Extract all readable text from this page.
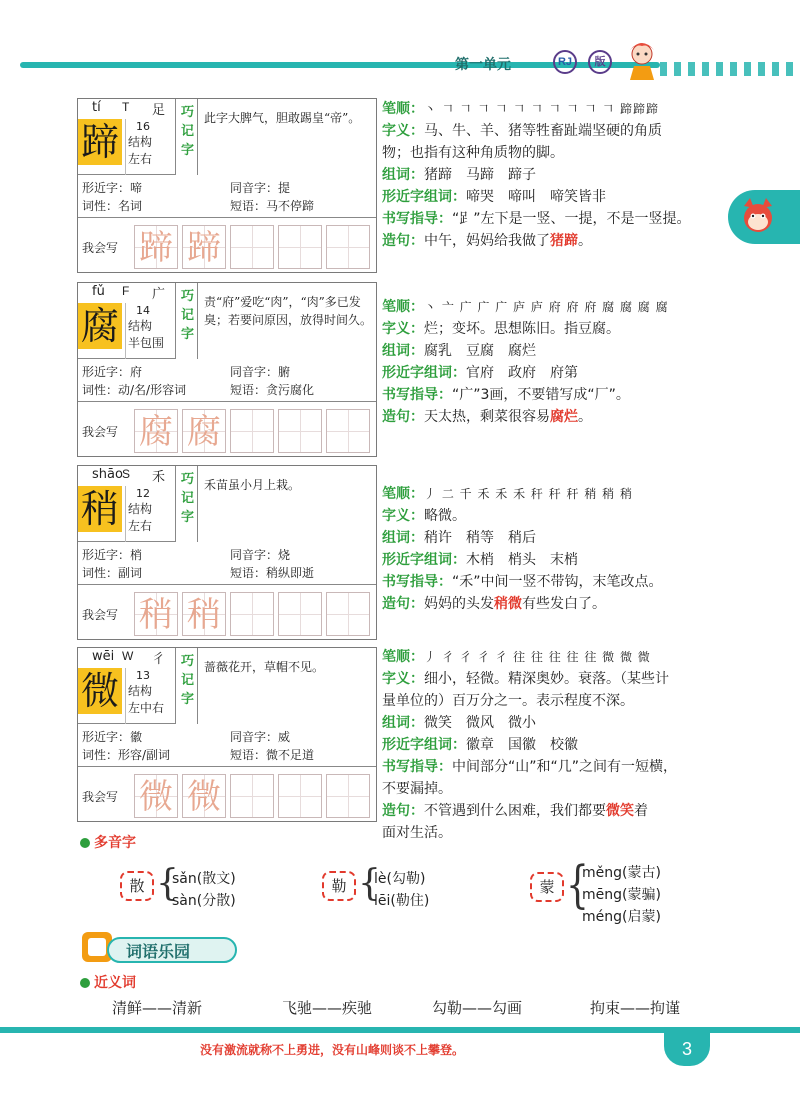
第一单元	RJ	版
tí T 足
蹄 16
结构
左右
巧
记
字
此字大脾气，胆敢踢皇“帝”。
形近字：啼	同音字：提
词性：名词	短语：马不停蹄
我会写 蹄 蹄
fǔ F 广
腐 14
结构
半包围
巧
记
字
责“府”爱吃“肉”，“肉”多已发臭；若要问原因，放得时间久。
形近字：府	同音字：腑
词性：动/名/形容词	短语：贪污腐化
我会写 腐 腐
shāo S 禾
稍 12
结构
左右
巧
记
字
禾苗虽小月上栽。
形近字：梢	同音字：烧
词性：副词	短语：稍纵即逝
我会写 稍 稍
wēi W 彳
微 13
结构
左中右
巧
记
字
蔷薇花开，草帽不见。
形近字：徽	同音字：威
词性：形容/副词	短语：微不足道
我会写 微 微
笔顺：丶 𠃍 𠃍 𠃍 𠃍 𠃍 𠃍 𠃍 𠃍 𠃍 𠃍 蹄蹄蹄
字义：马、牛、羊、猪等牲畜趾端坚硬的角质
物；也指有这种角质物的脚。
组词：猪蹄　马蹄　蹄子
形近字组词：啼哭　啼叫　啼笑皆非
书写指导：“𧾷”左下是一竖、一提，不是一竖提。
造句：中午，妈妈给我做了猪蹄。
笔顺：丶 亠 广 广 广 庐 庐 府 府 府 腐 腐 腐 腐
字义：烂；变坏。思想陈旧。指豆腐。
组词：腐乳　豆腐　腐烂
形近字组词：官府　政府　府第
书写指导：“广”3画，不要错写成“厂”。
造句：天太热，剩菜很容易腐烂。
笔顺：丿 二 千 禾 禾 禾 秆 秆 秆 稍 稍 稍
字义：略微。
组词：稍许　稍等　稍后
形近字组词：木梢　梢头　末梢
书写指导：“禾”中间一竖不带钩，末笔改点。
造句：妈妈的头发稍微有些发白了。
笔顺：丿 彳 彳 彳 彳 往 往 往 往 往 微 微 微
字义：细小，轻微。精深奥妙。衰落。（某些计
量单位的）百万分之一。表示程度不深。
组词：微笑　微风　微小
形近字组词：徽章　国徽　校徽
书写指导：中间部分“山”和“几”之间有一短横，
不要漏掉。
造句：不管遇到什么困难，我们都要微笑着
面对生活。
多音字
散 {
sǎn(散文)
sàn(分散)
勒 {
lè(勾勒)
lēi(勒住)
蒙 {
měng(蒙古)
mēng(蒙骗)
méng(启蒙)
词语乐园
近义词
清鲜——清新	飞驰——疾驰	勾勒——勾画	拘束——拘谨
没有激流就称不上勇进，没有山峰则谈不上攀登。	3
